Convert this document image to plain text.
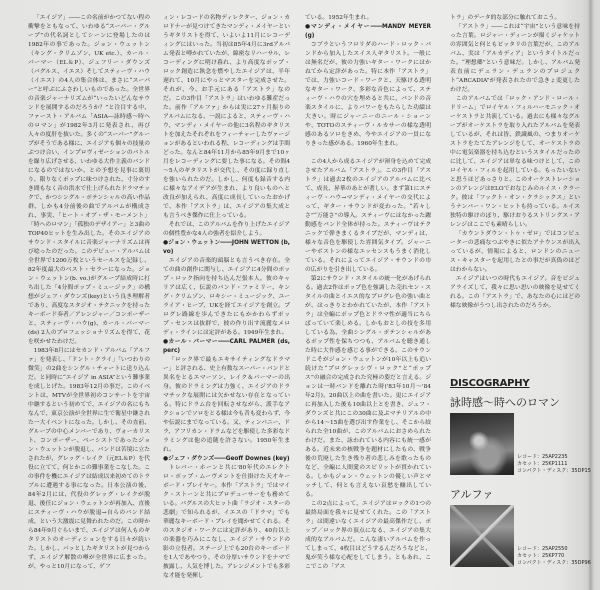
「エイジア」――この名前がかつてない程の衝撃をともなって、いわゆる“スーパー・グループ”の代名詞としてシーンに登場したのは1982年の事であった。ジョン・ウェットン（キング・クリムゾン、UK etc.）、カール・パーマー（EL＆P）、ジェフリー・ダウンズ（バグルス、イエス）そしてスティーヴ・ハウ（イエス）の4人の集合体は、まさに“スーパー”と呼ぶにふさわしいものであった。全世界の音楽ジャーナリズムが“いったいどんなサウンドを展開するのだろうか？”と注目する中、ファースト・アルバム「ASIA―詠時感～時へのロマン」が1982年3月に発表され、再び人々の度肝を抜いた。多くの“スーパー”グループがそうである様に、エイジアも個々の技量のぶつけ合い、インプロヴィゼーションのバトルを繰り広げさせる、いわゆる大作主義のバンドになるのではないか、との予想を見事に裏切り、限りなくポップに味つけされた、寸分のすき間もなく音の洪水で仕上げられたドラマチックで、かつシングル・ポテンシャルの高い作品群、しかも4分前後の曲でアルバムが構成され、事実、「ヒート・オブ・ザ・モーメント」「時へのロマン」「孤独のデザイアー」と3曲のTOP40ヒットを生み出した。そのエイジアのサウンド・スタイルに音楽ジャーナリズムは再び唸ったのだった。このデビュー・アルバムは全世界で1200万枚というセールスを記録し、82年度最大のベスト・セラーになった。ジョン・ウェットン(b. vo.)がグループ結成時に打ち出した「4分間ポップ・ミュージック」の構想がジェフ・ダウンズ(key)という良き理解者であり、高度なスタジオ・テクニックを持ったキーボード奏者／アレンジャー／コンポーザーと、スティーヴ・ハウ(g)、カール・パーマー(ds) 2人のプロフェッショナリズムを得て、花を咲かせたわけだ。

1983年8月にはセカンド・アルバム「アルファ」を発表し、「ドント・クライ」「いつわりの微笑」の2曲をシングル・チャートに送り込んだ。と同時に“エイジア in ASIA”という難事業を成しとげた。1983年12月の事だ。このイベントは、MTVが全世界初のコンサートを宇宙中継するという初めてで、エイジアの名にもちなんで、東京公演が全世界に生で衛星中継された一大イベントになった。しかし、その直前、グループの中心メンバーであり、ヴォーカリスト、コンポーザー、ベーシストであったジョン・ウェットンが脱退し、バンドは苦境に立たされたが、グレッグ・レイク（元EL＆P）を代役に立てて、何とかこの難事業をこなした。この事件を機にエイジアは結成以来初めてのトラブルに遭遇する事になった。日本公演の後、84年2月には、代役のグレッグ・レイクが脱退、後任にジョン・ウェットンが再加入、直後にスティーヴ・ハウが脱退→自らのバンド結成、という大激震に見舞われたのだ。この時から84年9月ぐらいまで、エイジアは何人ものギタリストのオーディションをする日々が続いた。しかし、パッとしたギタリストが見つからず、エイジア解散の噂が全世界に広まった。が、やっと10月になって、ゲフ

ィン・レコードの名物ディレクター、ジョン・カロドナーが見つけてきたマンディ・メイヤーというギタリストを得て、いよいよ11月にレコーディングにはいった。当初は85年4月に3rdアルバム発表と噂かれていたが、綿密なリハーサル、レコーディングに明け暮れ、より高度なポップ・ロック創造に執念を燃やしたエイジアは、半年遅れて、10月にやっとマスターを完成させた。それが、今、お手元にある「アストラ」なのだ。この3作目「アストラ」はいわゆる難産だった。前作「アルファ」からは実に27ヶ月振りのアルバムになる。一説によると、スティーヴ・ハウ、マンディ・メイヤーの他に3名程のギタリストを加えたそれぞれをフィーチャーしたヴァージョンがあるといわれる程、レコーディングは手間どった。なんと84年11月から85年9月まで10ヶ月をレコーディングに要した事になる。その間4～5人のギタリストが交代し、その度に録り直しを強いられたのだ。しかし、何度も録音する内に様々なアイデアが生まれ、より良いものへと改良が加えられ、高度に成長していったおかげで、本作「アストラ」は、エイジアの集大成とも言うべき傑作に仕上っている。

それでは、このアルバムを作り上げたエイジアの個性豊かな4人の強者を紹介しよう。

●ジョン・ウェットン――JOHN WETTON (b, vo)

エイジアの音楽的頭脳とも言うべき存在。全ての曲の創作に関与し、エイジアに4分間のポップ・ロック指向を持ち込んだ張本人。彼のキャリアは広く、伝説のバンド・ファミリー、キング・クリムゾン、ロキシー・ミュージック、ユーライア・ヒープ、UKを経てエイジアを創立。プログレ路線を歩んできたにもかかわらずポップ・センスは抜群で、彼の作り出す流麗なメロディ・ラインには定評がある。1949年生まれ。

●カール・パーマー――CARL PALMER (ds, perc)

「ロック界で最もエキサイティングなドラマー」と評される、史上有数なスーパー・バンドと異名をとるエマーソン、レイク＆パーマーの出身。彼のドラミングは力強く、エイジアのドラマチックな展開には欠かせない存在となっている。特にドラム台を回転させながら、派手なアクションでソロをとる様は今も昔も変わらず、今や伝説にまでなっている。又、ティンパニー、ドラ、アフリカン・ドラムなどを駆使した多彩なドラミングは他の追随を許さない。1950年生まれ。

●ジェフ・ダウンズ――Geoff Downes (key)

トレバー・ホーンと共に'80年代のエレクトロ・ポップ・ムーヴメントを仕掛けた天才キーボード・プレイヤー。本作「アストラ」ではマイク・ストーンと共にプロデューサーをも務めている。バグルスの大ヒット曲「ラジオ・スターの悲劇」で知られるが、イエスの「ドラマ」でも華麗なキーボード・プレイを聞かせてくれる。そのスタジオ・ワークには定評があり、40台以上の楽器を巧みにこなし、エイジア・サウンドの影の立役者。ステージ上でも20台のキーボードを1人であやつり、その分厚いサウンドをナマで披露し、人気を博した。アレンジメントでも多彩な才能を発揮し

ている。1952年生まれ。

●マンディ・メイヤー――MANDY MEYER (g)

コブラというフロリダのハード・ロック・バンドから加入したスイス人ギタリスト。一般には無名だが、彼の力強いギター・ワークにはかねてから定評があった。特に本作「アストラ」では、力強いコード・ワークと、天駆ける透明なギター・ワーク、多彩な音色によって、スティーヴ・ハウの穴を埋めると共に、バンドの音楽スタイルに、よりパワーをもたらした功績は大きい。時にジャーニーのニール・ショーンや、TOTOのスティーヴ・ルカサーの様な透明感のあるソロをきめ、今やエイジアの一員になりきった感がある。1960年生まれ。

この4人から成るエイジアが渾身を込めて完成させたアルバム「アストラ」。この3作目「アストラ」は過去2枚のエイジアのアルバムに比べて、成長、昇華のあとが著しい。まず第1にスティーヴ・ハウ→マンディ・メイヤーの交代によって、ギター・サウンドが変わった。“若々しさ”“万能さ”の導入。スティーヴにはなかった躍動感をバンド全体が持った。スティーヴはテクニックで弾きまくるタイプだが、マンディは、様々な音色を駆使した雰囲気タイプ。ジャーニーやボストンの様なエッセンスもうまく消化している。それによってエイジア・サウンドの巾の広がりを引き出している。

第2にサウンド・スタイルの統一化があげられる。過去2作はポップ色を強調した売れセン・スタイルの曲とイエス的なプログレ色の強い曲とが、はっきりとわかれていたが、本作「アストラ」は全編にポップ色とドラマ性が適当にちらばっていて楽しめる。しかもおとしの技を多用している為、全曲シングル・ポテンシャルがあるポップ性を保ちつつも、アルバムを聴き通した時に大作感を感じる事ができる。このサウンドこそがジョン・ウェットンが10年以上も追い続けた“プログレッシヴ・ロック”と“ポップス”の融合の完成された究極の姿だと言える。ジョンは一時バンドを離れた時('83年10月～'84年2月)、20曲以上の曲を書いた。更にエイジアに再加入した後も10曲以上とを書き、ジェフ・ダウンズと共にこの30曲に及ぶマテリアルの中から14～15曲を選び出す作業をし、そこから絞られた全10曲が、このアルバムにおさめられたわけだ。また、詠われている内容にも統一感がある。近未来の核戦争を題材にしたもの、戦争後の荒廃した生き残り者の悲しみを歌ったものなど、全編に人間愛のスピリットが貫かれている。しかもジョン・ウェットンの優しい声とマッチして、何とも言えない哀愁を醸出している。

この2点によって、エイジアはロックの1つの最終局面を我々に見せてくれた。この「アストラ」は間違いなくエイジアの最高傑作だし、ポップ／ロック界の頂点になる、エイジアの集大成的なアルバムだ。こんな凄いアルバムを作ってしまって、4枚目はどうするんだろうなどと、鬼が笑う様な心配をしてしまう。ともあれ、ここでこの「アス

トラ」のデータ的な部分に触れておこう。

「アストラ」――これは“宇宙”という意味を持った言葉。ロジャー・ディーンが描くジャケットの雰囲気と何ともピッタリの言葉だが、このアルバム、実は「アルカディア」というタイトルだった。“理想郷”という意味だ。しかし、アルバム発表直前にデュラン・デュランのプロジェクト“ARCADIA”が発表されたので急きょ変更したわけだ。

このアルバムでは「ロック・アンド・ロール・ドリーム」でロイヤル・フィルハーモニック・オーケストラと共演している。過去にも様々なグループがオーケストラを取り入れたアルバムを発表しているが、それは皆、鉄識風の、つまりオーケストラをたてたアレンジをして、オーケストラの中に電気楽器を持ち込むというスタイルだったのに比して、エイジアは単なる味つけとして、このロイヤル・フィルを起用している。もったいないと思うほどあっさりと。このオーケストレーションのアレンジはELOでおなじみのルイス・クラーク。彼は「フックト・オン・クラシックス」というナンバー・ワン・ヒットも持っている。ルイス独特の駆けのぼり、駆けおりるストリングス・アレンジはここでも素晴らしい。

「カウントダウン・トゥ・ゼロ」ではコンピューターの悲痛なつぶやきに似たアナウンスが出入っているが、情報によると、ロンドンのニュース・キャスターを起用したとの事だが真偽のほどはわからない。

エイジアはいつの時代もエイジア。音をビジュアライズして、我々に思い思いの映像を見せてくれる。この「アストラ」で、あなたの心にはどの様な映像がうつし出されたのだろうか。

DISCOGRAPHY

詠時感～時へのロマン
レコード：25AP2235
カセット：25KP1111
コンパクト・ディスク：35DP15
アルファ
レコード：25AP2550
カセット：25KP770
コンパクト・ディスク：35DP96
